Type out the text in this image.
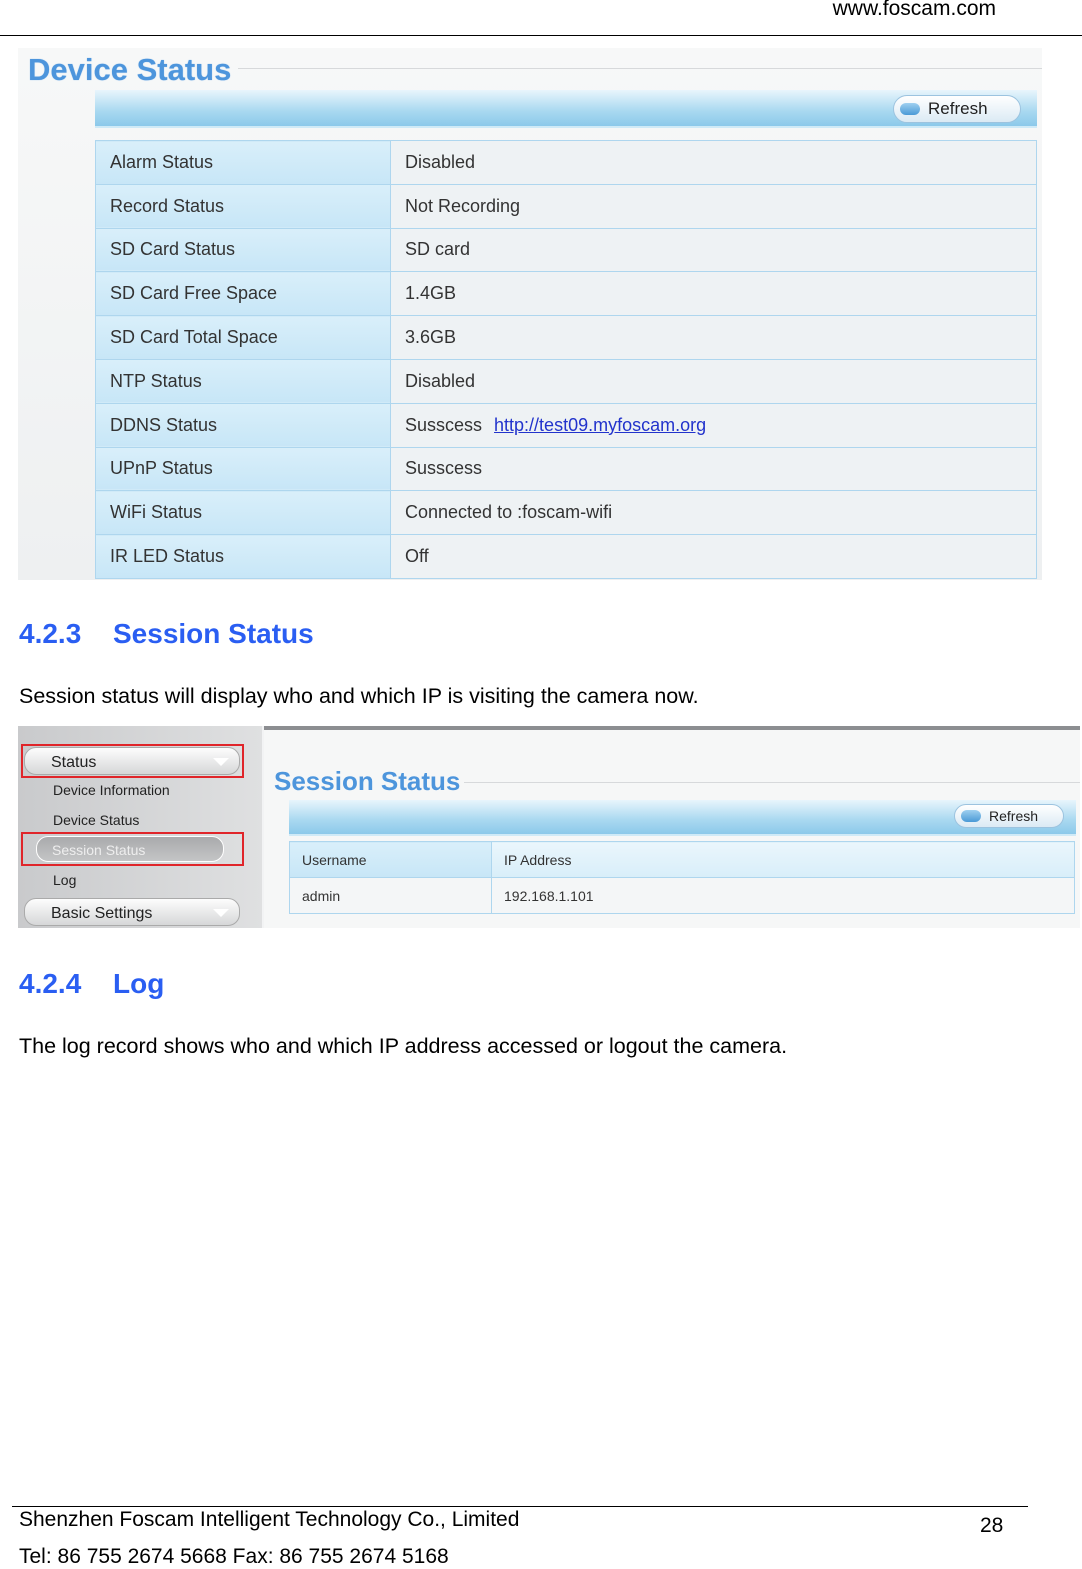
www.foscam.com
Device Status
Refresh
Alarm Status	Disabled
Record Status	Not Recording
SD Card Status	SD card
SD Card Free Space	1.4GB
SD Card Total Space	3.6GB
NTP Status	Disabled
DDNS Status	Susscess http://test09.myfoscam.org
UPnP Status	Susscess
WiFi Status	Connected to :foscam-wifi
IR LED Status	Off
4.2.3 Session Status

Session status will display who and which IP is visiting the camera now.

Status
Device Information
Device Status
Session Status
Log
Basic Settings
Session Status
Refresh
Username	IP Address
admin	192.168.1.101
4.2.4 Log

The log record shows who and which IP address accessed or logout the camera.

Shenzhen Foscam Intelligent Technology Co., Limited
Tel: 86 755 2674 5668 Fax: 86 755 2674 5168
28
